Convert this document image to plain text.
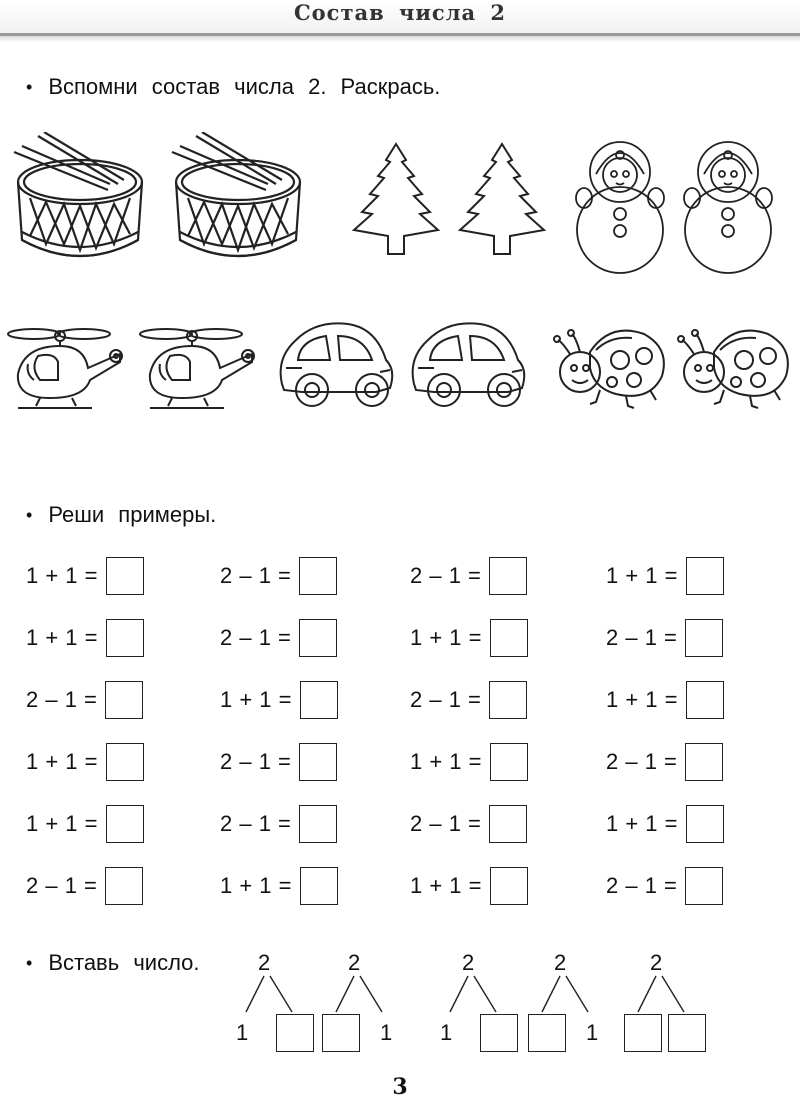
Состав числа 2
• Вспомни состав числа 2. Раскрась.
• Реши примеры.
1 + 1 =
1 + 1 =
2 – 1 =
1 + 1 =
1 + 1 =
2 – 1 =
2 – 1 =
2 – 1 =
1 + 1 =
2 – 1 =
2 – 1 =
1 + 1 =
2 – 1 =
1 + 1 =
2 – 1 =
1 + 1 =
2 – 1 =
1 + 1 =
1 + 1 =
2 – 1 =
1 + 1 =
2 – 1 =
1 + 1 =
2 – 1 =
• Вставь число.	2
1
2
1
2
1
2
1
2
3
